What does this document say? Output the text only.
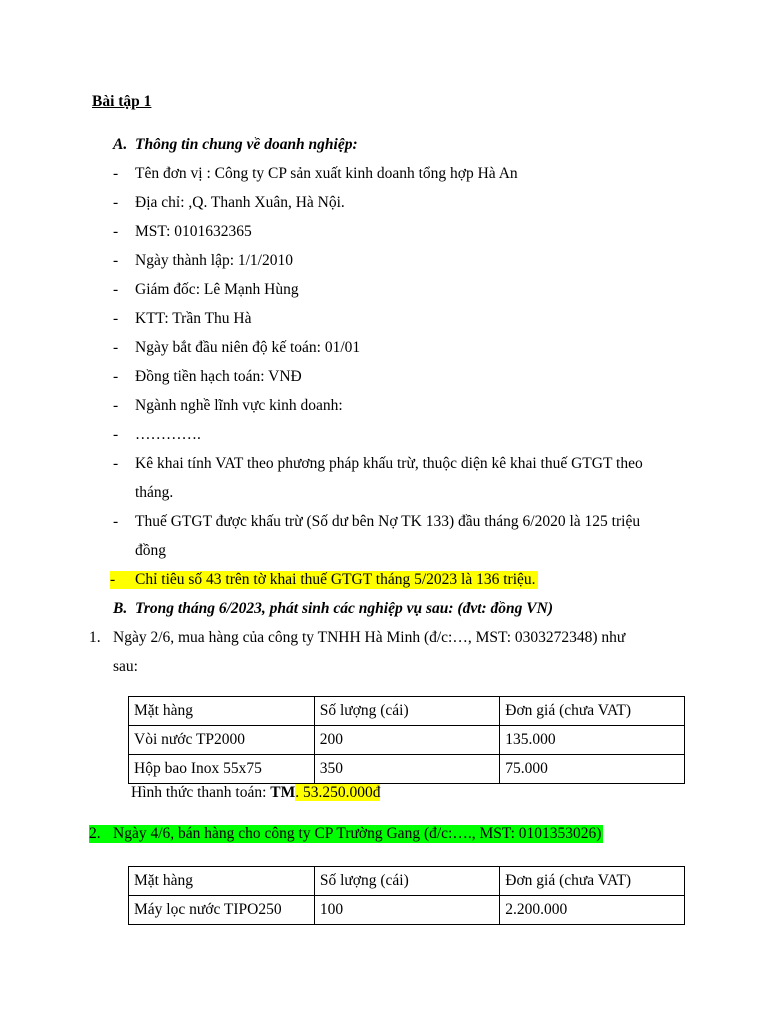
Bài tập 1
A. Thông tin chung về doanh nghiệp:
- Tên đơn vị : Công ty CP sản xuất kinh doanh tổng hợp Hà An
- Địa chỉ: ,Q. Thanh Xuân, Hà Nội.
- MST: 0101632365
- Ngày thành lập: 1/1/2010
- Giám đốc: Lê Mạnh Hùng
- KTT: Trần Thu Hà
- Ngày bắt đầu niên độ kế toán: 01/01
- Đồng tiền hạch toán: VNĐ
- Ngành nghề lĩnh vực kinh doanh:
- ………….
- Kê khai tính VAT theo phương pháp khấu trừ, thuộc diện kê khai thuế GTGT theo
tháng.
- Thuế GTGT được khấu trừ (Số dư bên Nợ TK 133) đầu tháng 6/2020 là 125 triệu
đồng
- Chỉ tiêu số 43 trên tờ khai thuế GTGT tháng 5/2023 là 136 triệu.
B. Trong tháng 6/2023, phát sinh các nghiệp vụ sau: (đvt: đồng VN)
1. Ngày 2/6, mua hàng của công ty TNHH Hà Minh (đ/c:…, MST: 0303272348) như
sau:
Mặt hàng	Số lượng (cái)	Đơn giá (chưa VAT)
Vòi nước TP2000	200	135.000
Hộp bao Inox 55x75	350	75.000
Hình thức thanh toán: TM. 53.250.000đ
2. Ngày 4/6, bán hàng cho công ty CP Trường Gang (đ/c:…., MST: 0101353026)
Mặt hàng	Số lượng (cái)	Đơn giá (chưa VAT)
Máy lọc nước TIPO250	100	2.200.000
